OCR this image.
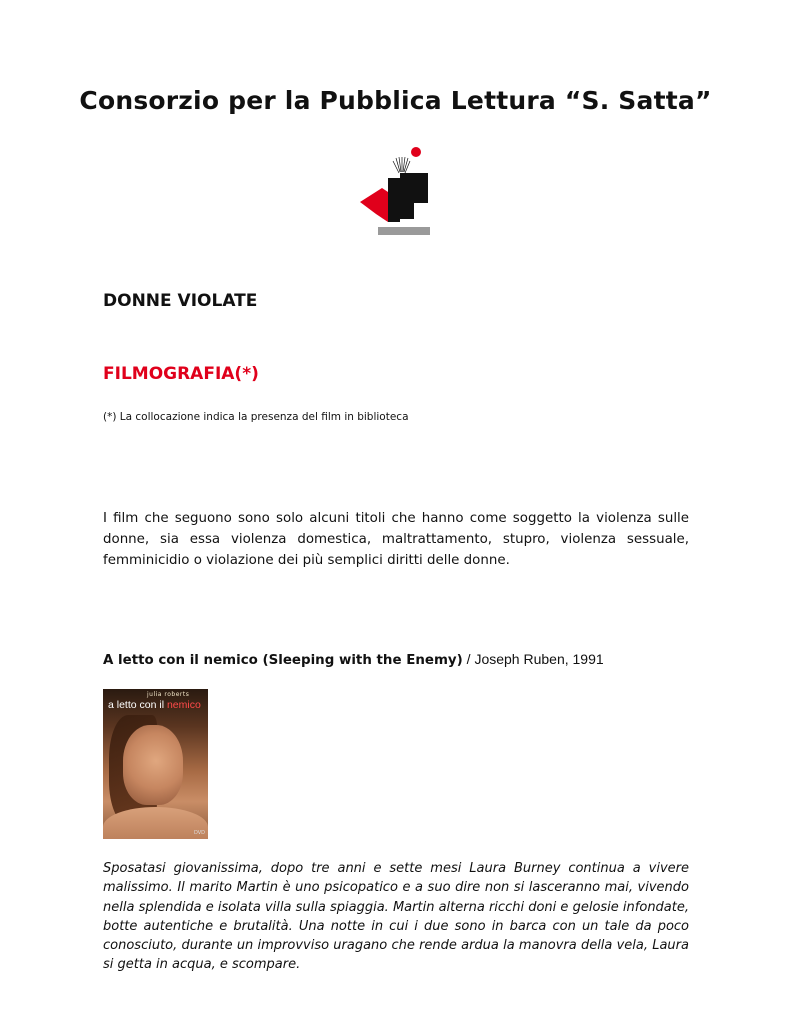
Consorzio per la Pubblica Lettura “S. Satta”
DONNE VIOLATE
FILMOGRAFIA(*)

(*) La collocazione indica la presenza del film in biblioteca

I film che seguono sono solo alcuni titoli che hanno come soggetto la violenza sulle donne, sia essa violenza domestica, maltrattamento, stupro, violenza sessuale, femminicidio o violazione dei più semplici diritti delle donne.

A letto con il nemico (Sleeping with the Enemy) / Joseph Ruben, 1991

julia roberts
a letto con il nemico
DVD

Sposatasi giovanissima, dopo tre anni e sette mesi Laura Burney continua a vivere malissimo. Il marito Martin è uno psicopatico e a suo dire non si lasceranno mai, vivendo nella splendida e isolata villa sulla spiaggia. Martin alterna ricchi doni e gelosie infondate, botte autentiche e brutalità. Una notte in cui i due sono in barca con un tale da poco conosciuto, durante un improvviso uragano che rende ardua la manovra della vela, Laura si getta in acqua, e scompare.
